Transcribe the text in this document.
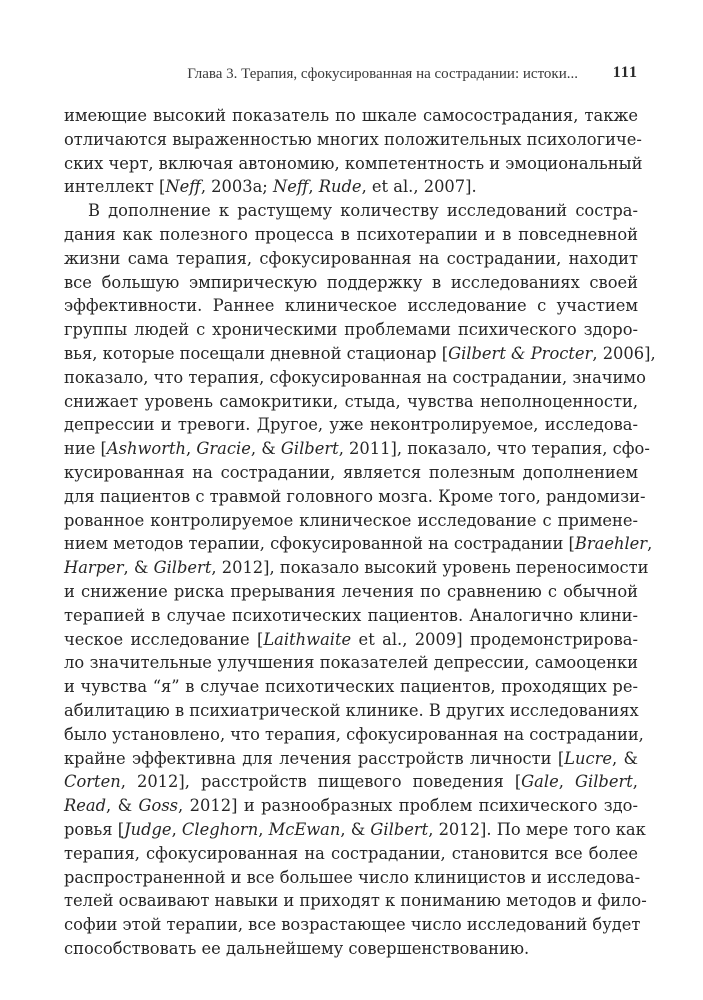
Глава 3. Терапия, сфокусированная на сострадании: истоки... 111
имеющие высокий показатель по шкале самосострадания, также
отличаются выраженностью многих положительных психологиче-
ских черт, включая автономию, компетентность и эмоциональный
интеллект [Neff, 2003a; Neff, Rude, et al., 2007].
В дополнение к растущему количеству исследований состра-
дания как полезного процесса в психотерапии и в повседневной
жизни сама терапия, сфокусированная на сострадании, находит
все большую эмпирическую поддержку в исследованиях своей
эффективности. Раннее клиническое исследование с участием
группы людей с хроническими проблемами психического здоро-
вья, которые посещали дневной стационар [Gilbert & Procter, 2006],
показало, что терапия, сфокусированная на сострадании, значимо
снижает уровень самокритики, стыда, чувства неполноценности,
депрессии и тревоги. Другое, уже неконтролируемое, исследова-
ние [Ashworth, Gracie, & Gilbert, 2011], показало, что терапия, сфо-
кусированная на сострадании, является полезным дополнением
для пациентов с травмой головного мозга. Кроме того, рандомизи-
рованное контролируемое клиническое исследование с примене-
нием методов терапии, сфокусированной на сострадании [Braehler,
Harper, & Gilbert, 2012], показало высокий уровень переносимости
и снижение риска прерывания лечения по сравнению с обычной
терапией в случае психотических пациентов. Аналогично клини-
ческое исследование [Laithwaite et al., 2009] продемонстрирова-
ло значительные улучшения показателей депрессии, самооценки
и чувства “я” в случае психотических пациентов, проходящих ре-
абилитацию в психиатрической клинике. В других исследованиях
было установлено, что терапия, сфокусированная на сострадании,
крайне эффективна для лечения расстройств личности [Lucre, &
Corten, 2012], расстройств пищевого поведения [Gale, Gilbert,
Read, & Goss, 2012] и разнообразных проблем психического здо-
ровья [Judge, Cleghorn, McEwan, & Gilbert, 2012]. По мере того как
терапия, сфокусированная на сострадании, становится все более
распространенной и все большее число клиницистов и исследова-
телей осваивают навыки и приходят к пониманию методов и фило-
софии этой терапии, все возрастающее число исследований будет
способствовать ее дальнейшему совершенствованию.
